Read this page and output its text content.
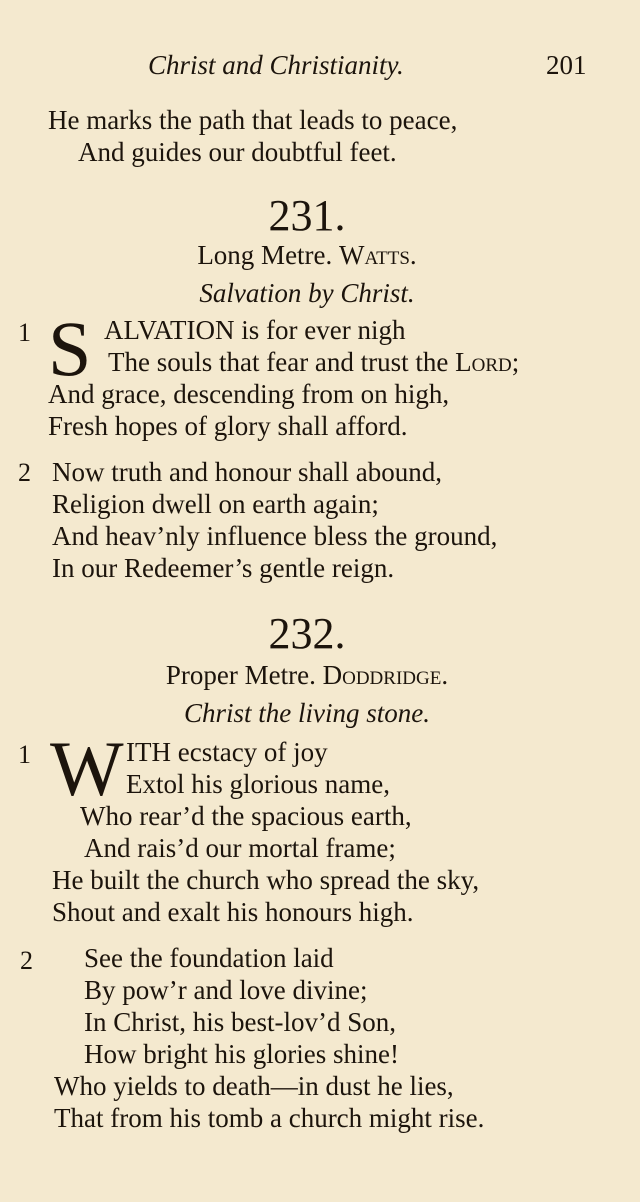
Christ and Christianity.	201
He marks the path that leads to peace,
And guides our doubtful feet.
231.
Long Metre. Watts.
Salvation by Christ.
1 S ALVATION is for ever nigh
The souls that fear and trust the Lord;
And grace, descending from on high,
Fresh hopes of glory shall afford.
2 Now truth and honour shall abound,
Religion dwell on earth again;
And heav’nly influence bless the ground,
In our Redeemer’s gentle reign.
232.
Proper Metre. Doddridge.
Christ the living stone.
1 W ITH ecstacy of joy
Extol his glorious name,
Who rear’d the spacious earth,
And rais’d our mortal frame;
He built the church who spread the sky,
Shout and exalt his honours high.
2 See the foundation laid
By pow’r and love divine;
In Christ, his best-lov’d Son,
How bright his glories shine!
Who yields to death—in dust he lies,
That from his tomb a church might rise.
